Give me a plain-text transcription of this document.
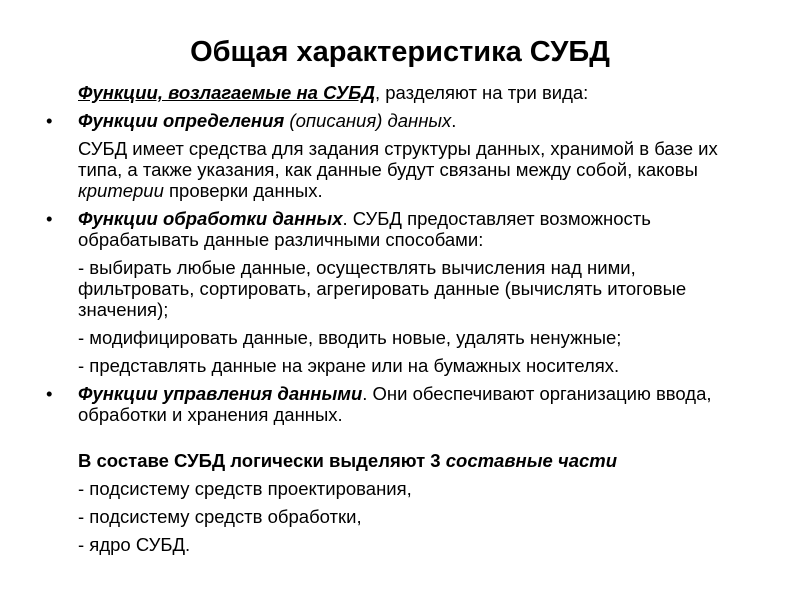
Общая характеристика СУБД

Функции, возлагаемые на СУБД, разделяют на три вида:

• Функции определения (описания) данных.

СУБД имеет средства для задания структуры данных, хранимой в базе их типа, а также указания, как данные будут связаны между собой, каковы критерии проверки данных.

• Функции обработки данных. СУБД предоставляет возможность обрабатывать данные различными способами:

- выбирать любые данные, осуществлять вычисления над ними, фильтровать, сортировать, агрегировать данные (вычислять итоговые значения);

- модифицировать данные, вводить новые, удалять ненужные;

- представлять данные на экране или на бумажных носителях.

• Функции управления данными. Они обеспечивают организацию ввода, обработки и хранения данных.

В составе СУБД логически выделяют 3 составные части

- подсистему средств проектирования,

- подсистему средств обработки,

- ядро СУБД.
